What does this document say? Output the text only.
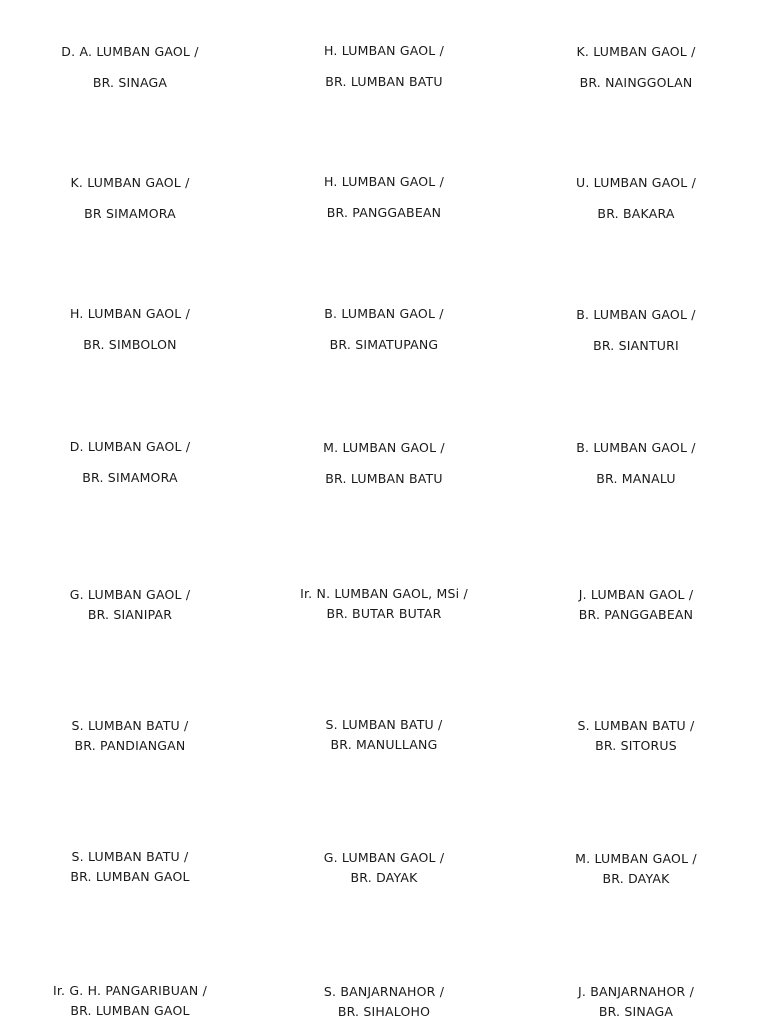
D. A. LUMBAN GAOL /
BR. SINAGA
H. LUMBAN GAOL /
BR. LUMBAN BATU
K. LUMBAN GAOL /
BR. NAINGGOLAN
K. LUMBAN GAOL /
BR SIMAMORA
H. LUMBAN GAOL /
BR. PANGGABEAN
U. LUMBAN GAOL /
BR. BAKARA
H. LUMBAN GAOL /
BR. SIMBOLON
B. LUMBAN GAOL /
BR. SIMATUPANG
B. LUMBAN GAOL /
BR. SIANTURI
D. LUMBAN GAOL /
BR. SIMAMORA
M. LUMBAN GAOL /
BR. LUMBAN BATU
B. LUMBAN GAOL /
BR. MANALU
G. LUMBAN GAOL /
BR. SIANIPAR
Ir. N. LUMBAN GAOL, MSi /
BR. BUTAR BUTAR
J. LUMBAN GAOL /
BR. PANGGABEAN
S. LUMBAN BATU /
BR. PANDIANGAN
S. LUMBAN BATU /
BR. MANULLANG
S. LUMBAN BATU /
BR. SITORUS
S. LUMBAN BATU /
BR. LUMBAN GAOL
G. LUMBAN GAOL /
BR. DAYAK
M. LUMBAN GAOL /
BR. DAYAK
Ir. G. H. PANGARIBUAN /
BR. LUMBAN GAOL
S. BANJARNAHOR /
BR. SIHALOHO
J. BANJARNAHOR /
BR. SINAGA
